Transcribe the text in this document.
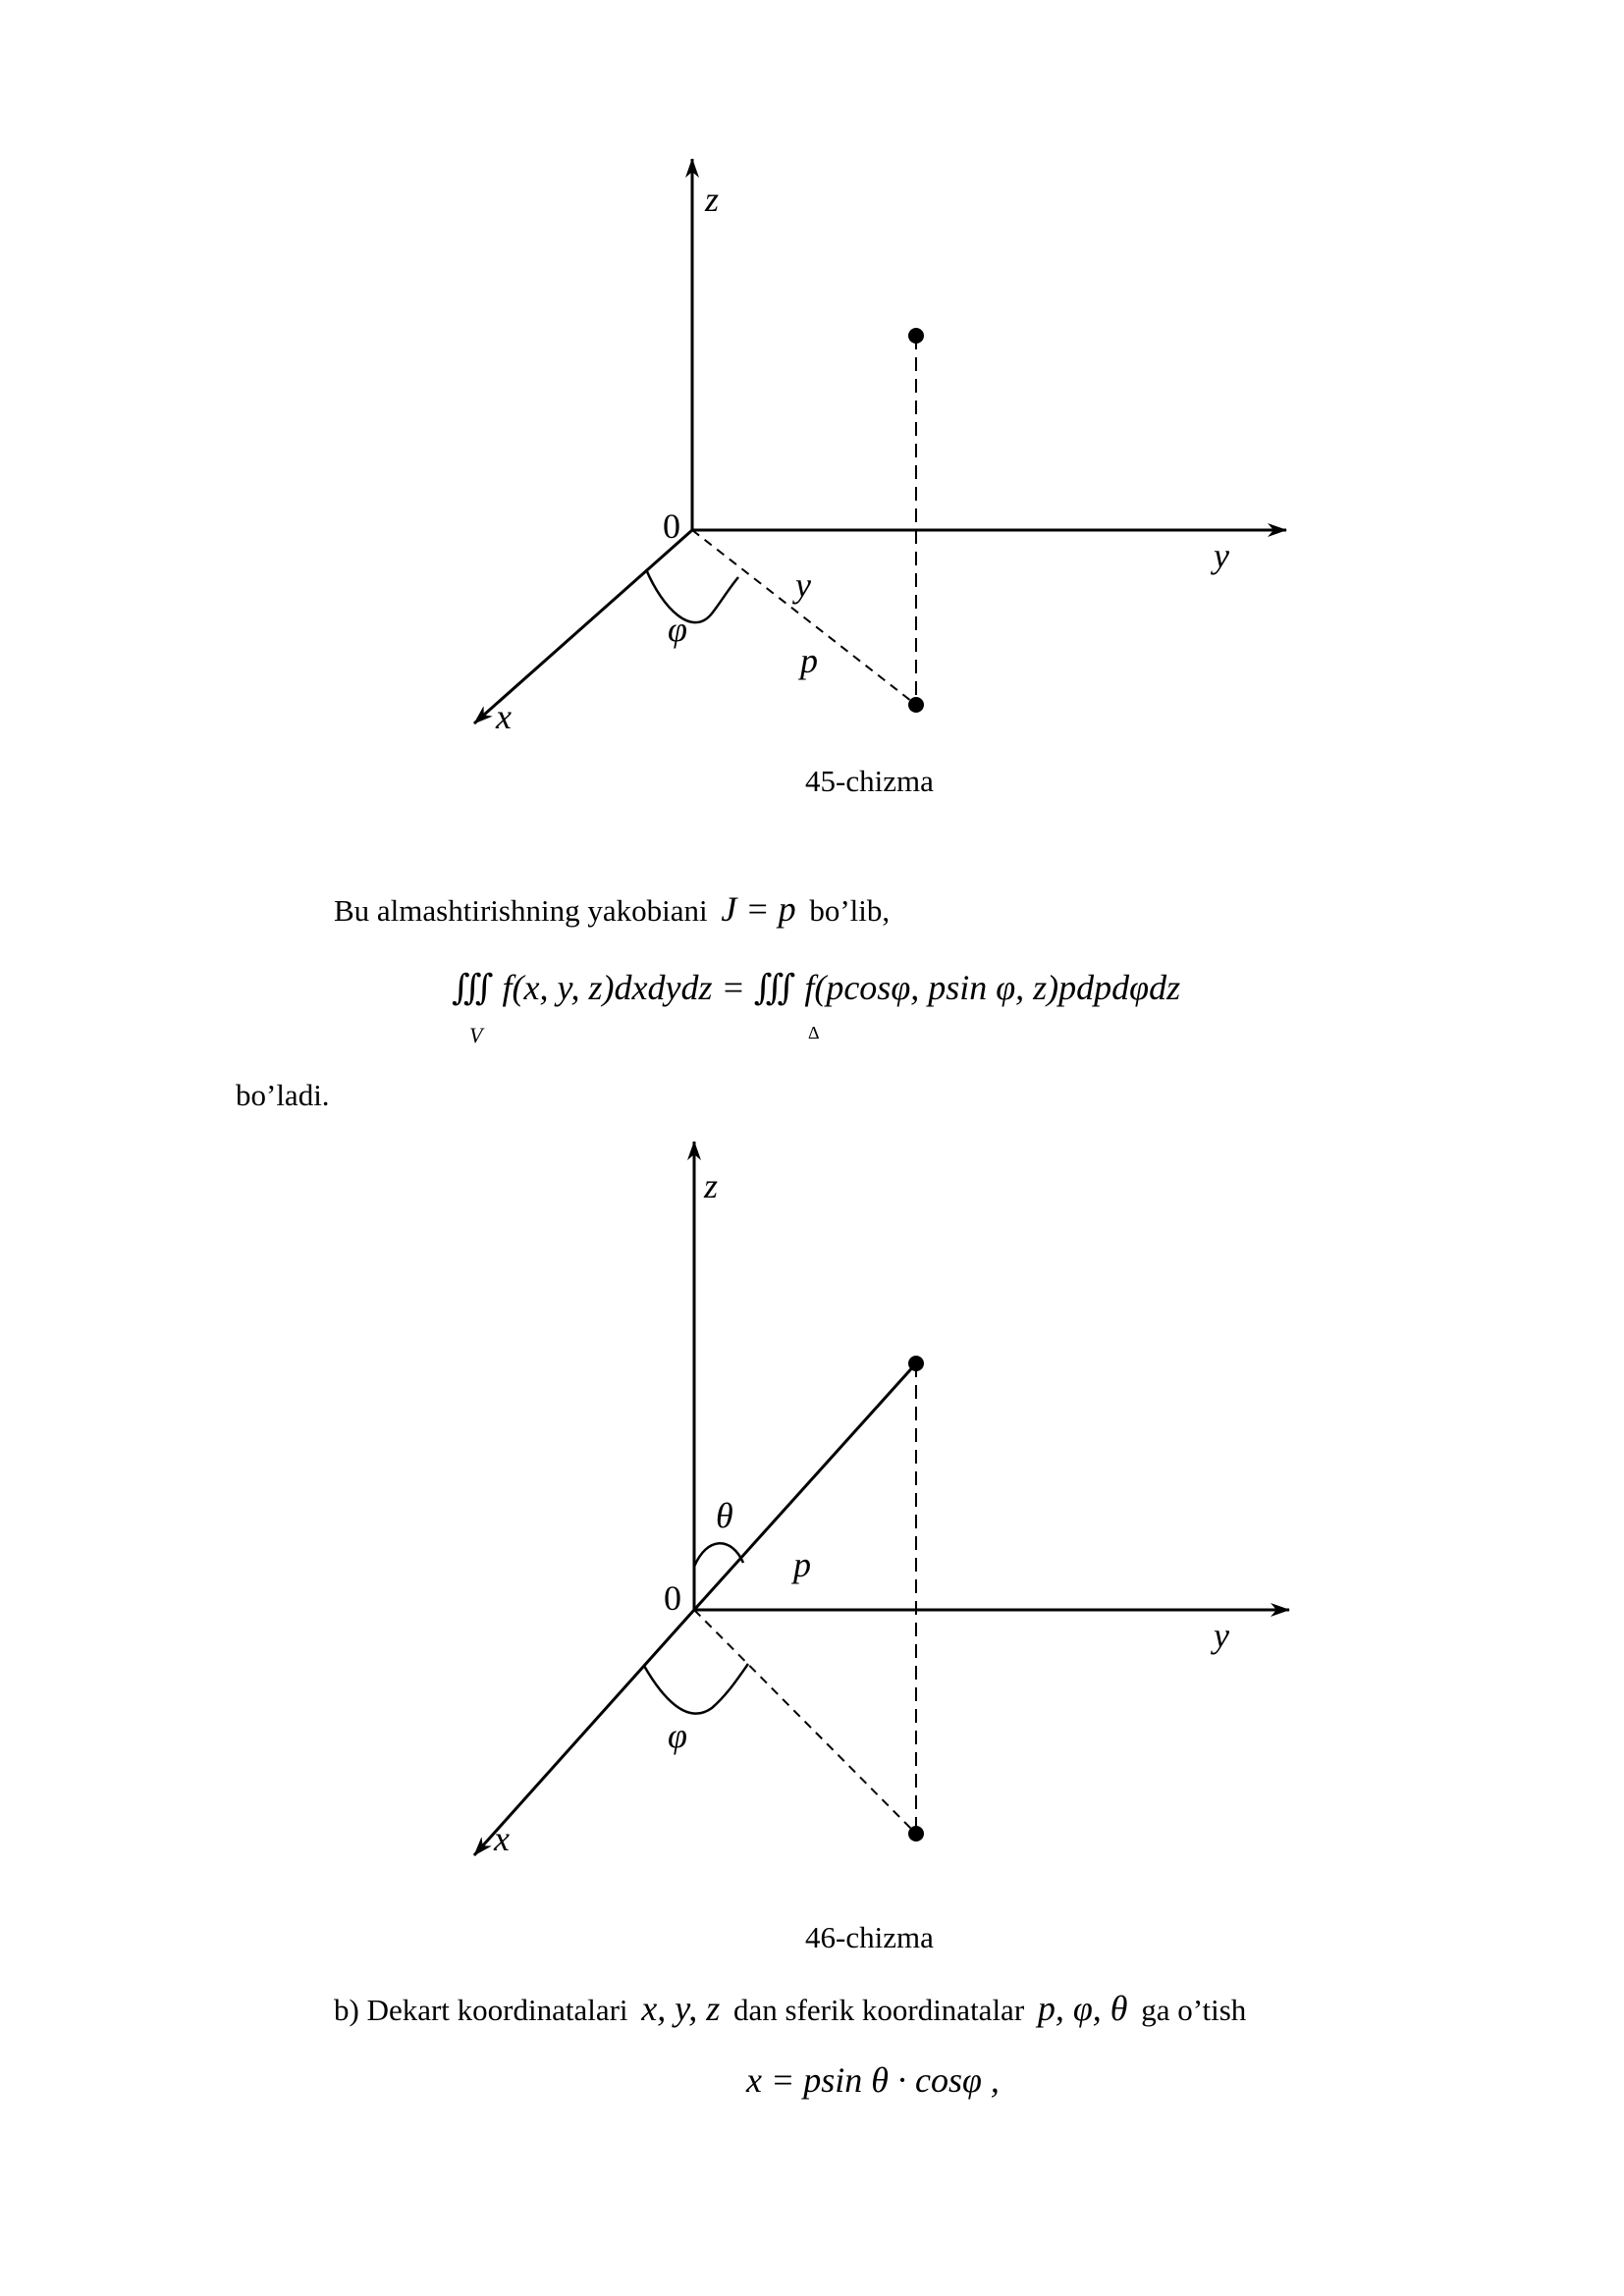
z
y
x
0
φ
y
p
45-chizma
z
y
x
0
θ
φ
p
46-chizma
Bu almashtirishning yakobiani J = p bo’lib,
∭ f(x, y, z)dxdydz = ∭ f(pcosφ, psin φ, z)pdpdφdz
V	Δ
bo’ladi.
b) Dekart koordinatalari x, y, z dan sferik koordinatalar p, φ, θ ga o’tish
x = psin θ · cosφ ,
